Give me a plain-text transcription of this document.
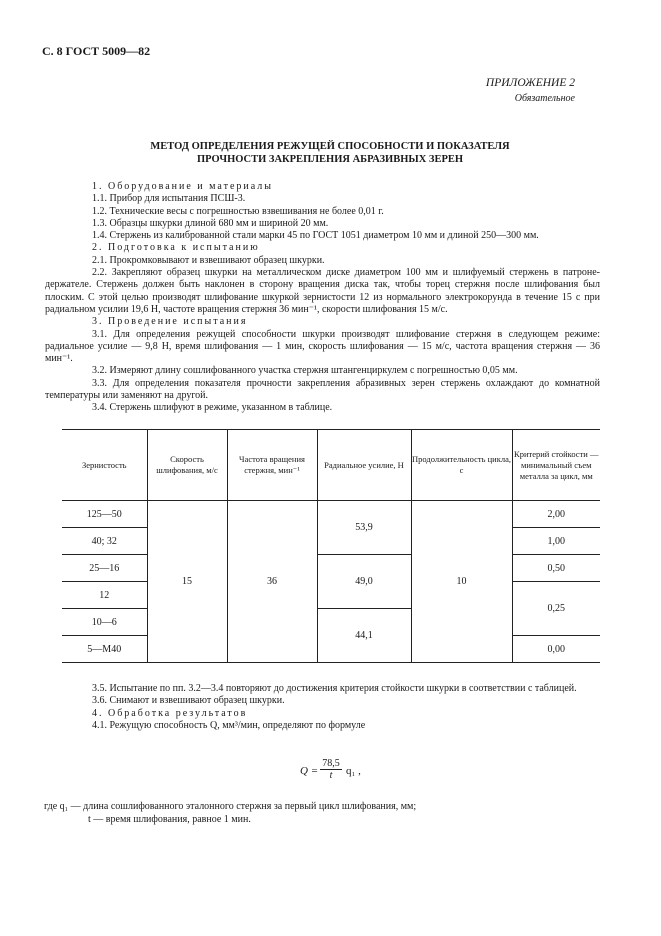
С. 8 ГОСТ 5009—82
ПРИЛОЖЕНИЕ 2
Обязательное
МЕТОД ОПРЕДЕЛЕНИЯ РЕЖУЩЕЙ СПОСОБНОСТИ И ПОКАЗАТЕЛЯ
ПРОЧНОСТИ ЗАКРЕПЛЕНИЯ АБРАЗИВНЫХ ЗЕРЕН

1. Оборудование и материалы

1.1. Прибор для испытания ПСШ-3.

1.2. Технические весы с погрешностью взвешивания не более 0,01 г.

1.3. Образцы шкурки длиной 680 мм и шириной 20 мм.

1.4. Стержень из калиброванной стали марки 45 по ГОСТ 1051 диаметром 10 мм и длиной 250—300 мм.

2. Подготовка к испытанию

2.1. Прокромковывают и взвешивают образец шкурки.

2.2. Закрепляют образец шкурки на металлическом диске диаметром 100 мм и шлифуемый стержень в патроне-держателе. Стержень должен быть наклонен в сторону вращения диска так, чтобы торец стержня после шлифования был плоским. С этой целью производят шлифование шкуркой зернистости 12 из нормального электрокорунда в течение 15 с при радиальном усилии 19,6 Н, частоте вращения стержня 36 мин⁻¹, скорости шлифования 15 м/с.

3. Проведение испытания

3.1. Для определения режущей способности шкурки производят шлифование стержня в следующем режиме: радиальное усилие — 9,8 Н, время шлифования — 1 мин, скорость шлифования — 15 м/с, частота вращения стержня — 36 мин⁻¹.

3.2. Измеряют длину сошлифованного участка стержня штангенциркулем с погрешностью 0,05 мм.

3.3. Для определения показателя прочности закрепления абразивных зерен стержень охлаждают до комнатной температуры или заменяют на другой.

3.4. Стержень шлифуют в режиме, указанном в таблице.

Зернистость	Скорость шлифования, м/с	Частота вращения стержня, мин⁻¹	Радиальное усилие, Н	Продолжительность цикла, с	Критерий стойкости — минимальный съем металла за цикл, мм
125—50	15	36	53,9	10	2,00
40; 32					1,00
25—16			49,0		0,50
12					0,25
10—6			44,1		
5—М40					0,00

3.5. Испытание по пп. 3.2—3.4 повторяют до достижения критерия стойкости шкурки в соответствии с таблицей.

3.6. Снимают и взвешивают образец шкурки.

4. Обработка результатов

4.1. Режущую способность Q, мм³/мин, определяют по формуле

$Q = \frac{78,5}{t} q_1$ ,
где q₁ — длина сошлифованного эталонного стержня за первый цикл шлифования, мм;
t — время шлифования, равное 1 мин.
